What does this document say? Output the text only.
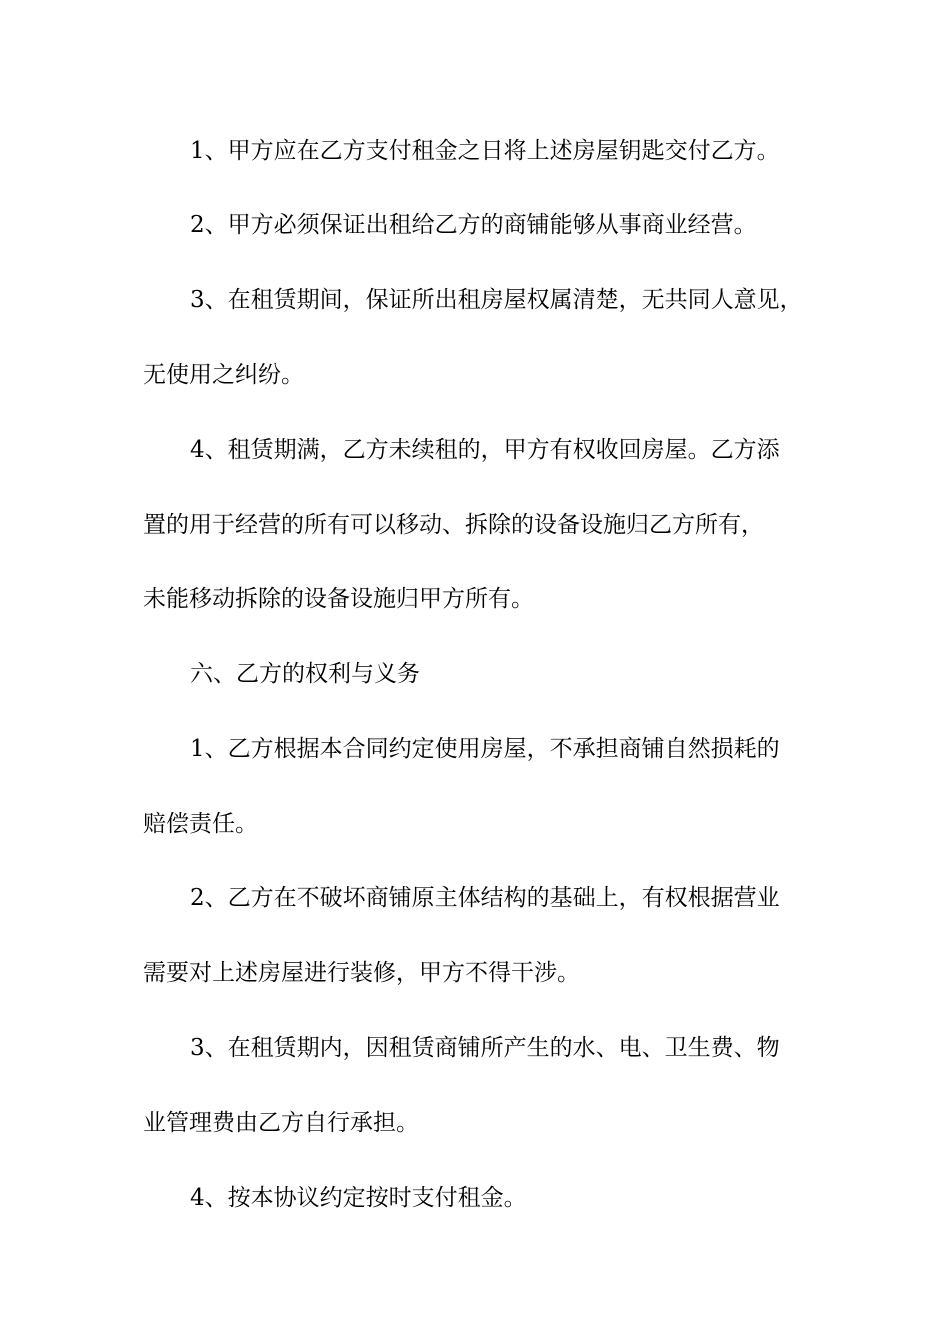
1、甲方应在乙方支付租金之日将上述房屋钥匙交付乙方。
2、甲方必须保证出租给乙方的商铺能够从事商业经营。
3、在租赁期间，保证所出租房屋权属清楚，无共同人意见，
无使用之纠纷。
4、租赁期满，乙方未续租的，甲方有权收回房屋。乙方添
置的用于经营的所有可以移动、拆除的设备设施归乙方所有，
未能移动拆除的设备设施归甲方所有。
六、乙方的权利与义务
1、乙方根据本合同约定使用房屋，不承担商铺自然损耗的
赔偿责任。
2、乙方在不破坏商铺原主体结构的基础上，有权根据营业
需要对上述房屋进行装修，甲方不得干涉。
3、在租赁期内，因租赁商铺所产生的水、电、卫生费、物
业管理费由乙方自行承担。
4、按本协议约定按时支付租金。
